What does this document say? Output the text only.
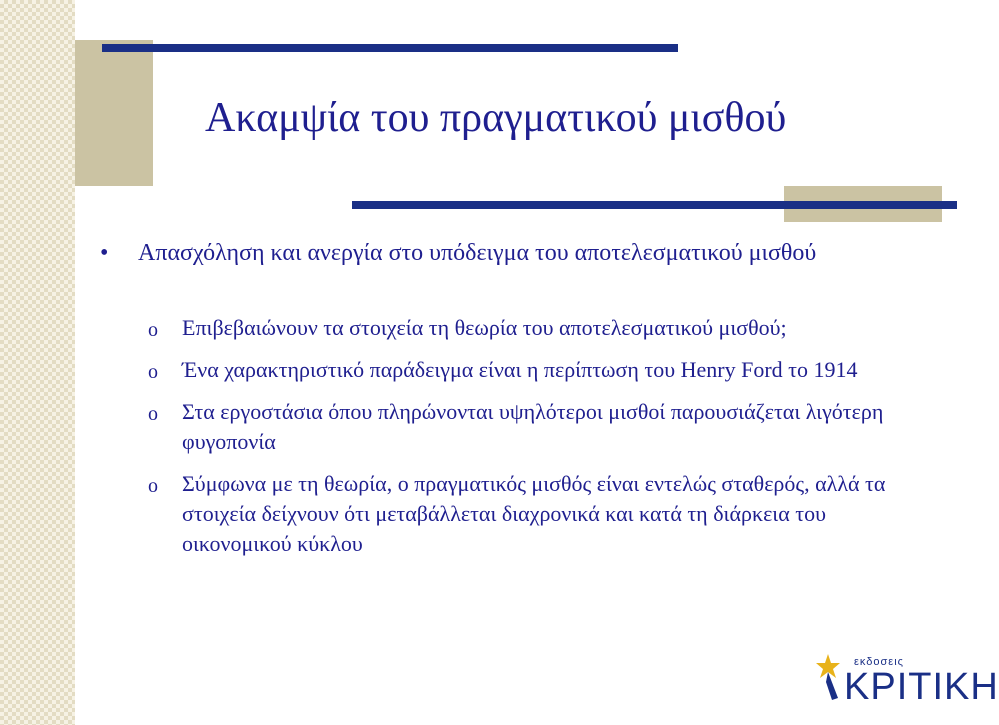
Ακαμψία του πραγματικού μισθού
• Απασχόληση και ανεργία στο υπόδειγμα του αποτελεσματικού μισθού
o Επιβεβαιώνουν τα στοιχεία τη θεωρία του αποτελεσματικού μισθού;
o Ένα χαρακτηριστικό παράδειγμα είναι η περίπτωση του Henry Ford το 1914
o Στα εργοστάσια όπου πληρώνονται υψηλότεροι μισθοί παρουσιάζεται λιγότερη φυγοπονία
o Σύμφωνα με τη θεωρία, ο πραγματικός μισθός είναι εντελώς σταθερός, αλλά τα στοιχεία δείχνουν ότι μεταβάλλεται διαχρονικά και κατά τη διάρκεια του οικονομικού κύκλου
εκδοσεις
ΚΡΙΤΙΚΗ
